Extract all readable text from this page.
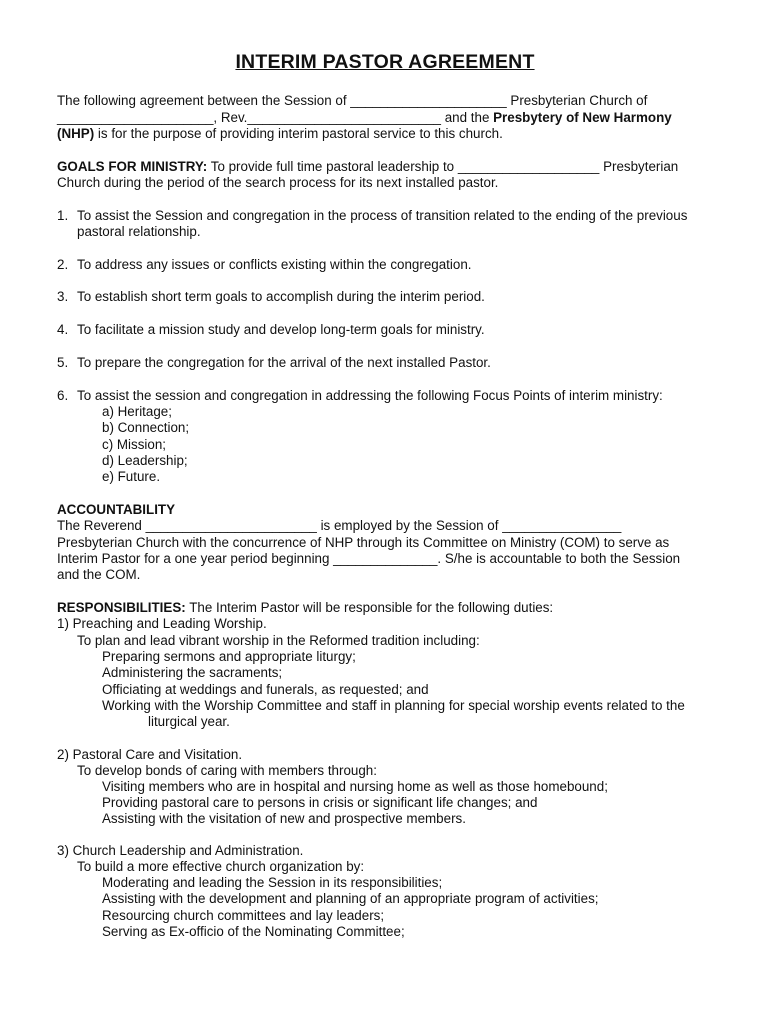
INTERIM PASTOR AGREEMENT
The following agreement between the Session of _____________________ Presbyterian Church of
_____________________, Rev.__________________________ and the Presbytery of New Harmony
(NHP) is for the purpose of providing interim pastoral service to this church.
GOALS FOR MINISTRY: To provide full time pastoral leadership to ___________________ Presbyterian
Church during the period of the search process for its next installed pastor.
1. To assist the Session and congregation in the process of transition related to the ending of the previous
pastoral relationship.
2. To address any issues or conflicts existing within the congregation.
3. To establish short term goals to accomplish during the interim period.
4. To facilitate a mission study and develop long-term goals for ministry.
5. To prepare the congregation for the arrival of the next installed Pastor.
6. To assist the session and congregation in addressing the following Focus Points of interim ministry:
a) Heritage;
b) Connection;
c) Mission;
d) Leadership;
e) Future.
ACCOUNTABILITY
The Reverend _______________________ is employed by the Session of ________________
Presbyterian Church with the concurrence of NHP through its Committee on Ministry (COM) to serve as
Interim Pastor for a one year period beginning ______________. S/he is accountable to both the Session
and the COM.
RESPONSIBILITIES: The Interim Pastor will be responsible for the following duties:
1) Preaching and Leading Worship.
To plan and lead vibrant worship in the Reformed tradition including:
Preparing sermons and appropriate liturgy;
Administering the sacraments;
Officiating at weddings and funerals, as requested; and
Working with the Worship Committee and staff in planning for special worship events related to the
liturgical year.
2) Pastoral Care and Visitation.
To develop bonds of caring with members through:
Visiting members who are in hospital and nursing home as well as those homebound;
Providing pastoral care to persons in crisis or significant life changes; and
Assisting with the visitation of new and prospective members.
3) Church Leadership and Administration.
To build a more effective church organization by:
Moderating and leading the Session in its responsibilities;
Assisting with the development and planning of an appropriate program of activities;
Resourcing church committees and lay leaders;
Serving as Ex-officio of the Nominating Committee;
